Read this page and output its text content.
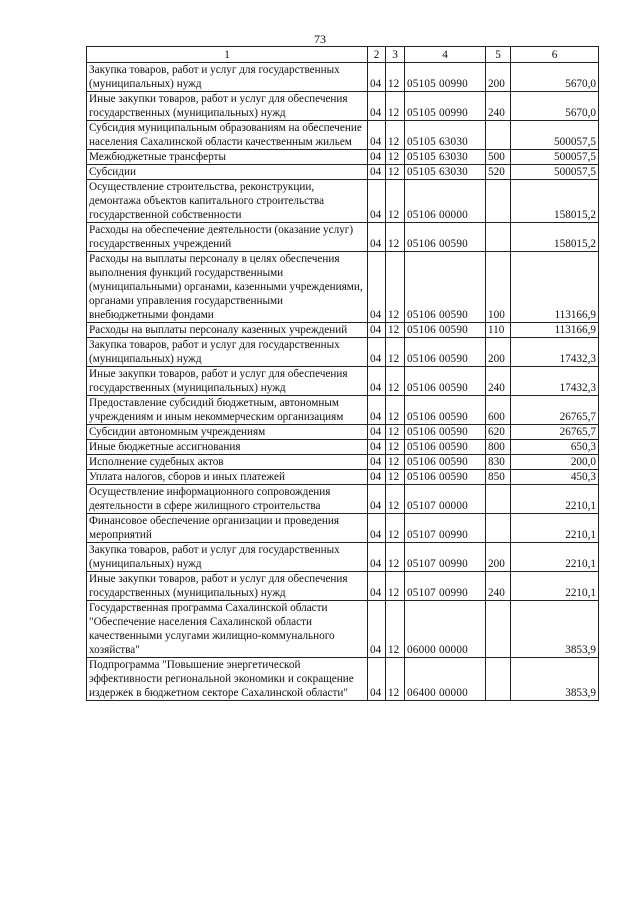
73
1	2	3	4	5	6
Закупка товаров, работ и услуг для государственных (муниципальных) нужд	04	12	05105 00990	200	5670,0
Иные закупки товаров, работ и услуг для обеспечения государственных (муниципальных) нужд	04	12	05105 00990	240	5670,0
Субсидия муниципальным образованиям на обеспечение населения Сахалинской области качественным жильем	04	12	05105 63030		500057,5
Межбюджетные трансферты	04	12	05105 63030	500	500057,5
Субсидии	04	12	05105 63030	520	500057,5
Осуществление строительства, реконструкции, демонтажа объектов капитального строительства государственной собственности	04	12	05106 00000		158015,2
Расходы на обеспечение деятельности (оказание услуг) государственных учреждений	04	12	05106 00590		158015,2
Расходы на выплаты персоналу в целях обеспечения выполнения функций государственными (муниципальными) органами, казенными учреждениями, органами управления государственными внебюджетными фондами	04	12	05106 00590	100	113166,9
Расходы на выплаты персоналу казенных учреждений	04	12	05106 00590	110	113166,9
Закупка товаров, работ и услуг для государственных (муниципальных) нужд	04	12	05106 00590	200	17432,3
Иные закупки товаров, работ и услуг для обеспечения государственных (муниципальных) нужд	04	12	05106 00590	240	17432,3
Предоставление субсидий бюджетным, автономным учреждениям и иным некоммерческим организациям	04	12	05106 00590	600	26765,7
Субсидии автономным учреждениям	04	12	05106 00590	620	26765,7
Иные бюджетные ассигнования	04	12	05106 00590	800	650,3
Исполнение судебных актов	04	12	05106 00590	830	200,0
Уплата налогов, сборов и иных платежей	04	12	05106 00590	850	450,3
Осуществление информационного сопровождения деятельности в сфере жилищного строительства	04	12	05107 00000		2210,1
Финансовое обеспечение организации и проведения мероприятий	04	12	05107 00990		2210,1
Закупка товаров, работ и услуг для государственных (муниципальных) нужд	04	12	05107 00990	200	2210,1
Иные закупки товаров, работ и услуг для обеспечения государственных (муниципальных) нужд	04	12	05107 00990	240	2210,1
Государственная программа Сахалинской области "Обеспечение населения Сахалинской области качественными услугами жилищно-коммунального хозяйства"	04	12	06000 00000		3853,9
Подпрограмма "Повышение энергетической эффективности региональной экономики и сокращение издержек в бюджетном секторе Сахалинской области"	04	12	06400 00000		3853,9
